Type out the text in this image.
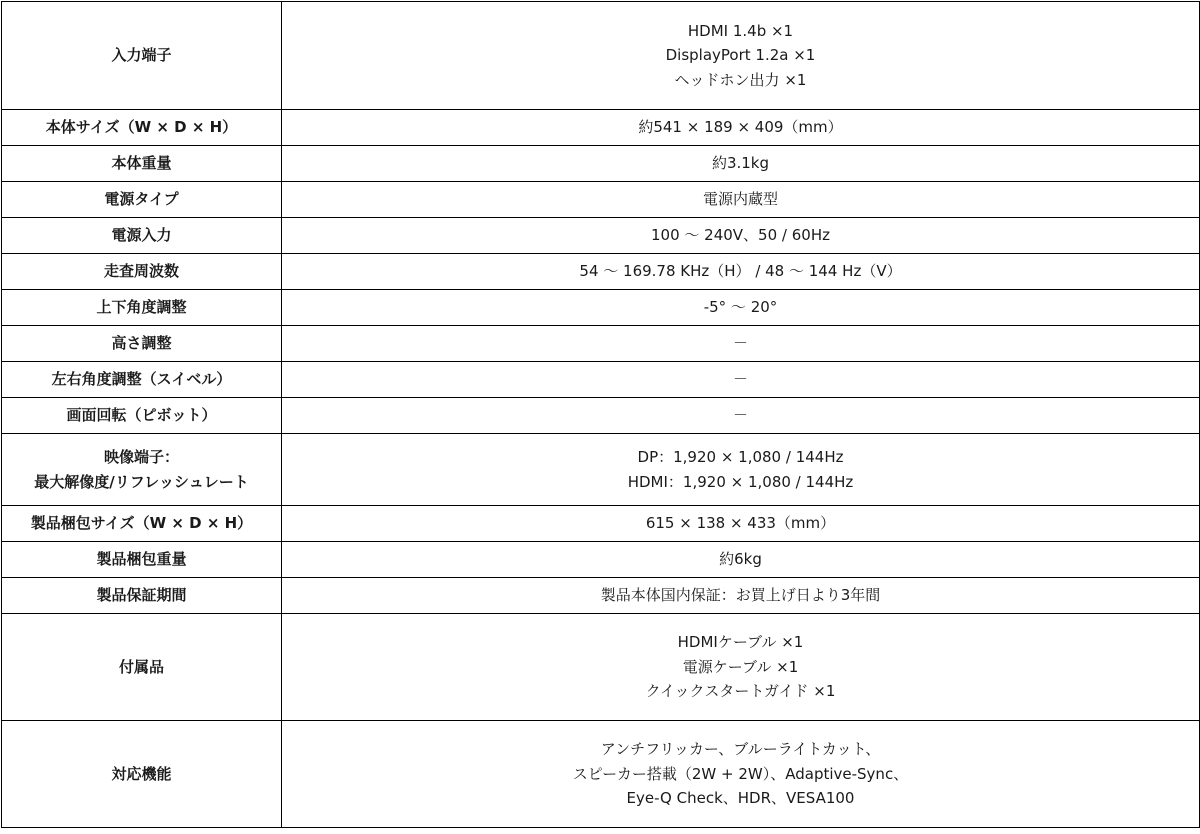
入力端子	HDMI 1.4b ×1
DisplayPort 1.2a ×1
ヘッドホン出力 ×1

本体サイズ（W × D × H）	約541 × 189 × 409（mm）

本体重量	約3.1kg

電源タイプ	電源内蔵型

電源入力	100 ～ 240V、50 / 60Hz

走査周波数	54 ～ 169.78 KHz（H） / 48 ～ 144 Hz（V）

上下角度調整	-5° ～ 20°

高さ調整	－

左右角度調整（スイベル）	－

画面回転（ピボット）	－

映像端子：
最大解像度/リフレッシュレート	DP：1,920 × 1,080 / 144Hz
HDMI：1,920 × 1,080 / 144Hz

製品梱包サイズ（W × D × H）	615 × 138 × 433（mm）

製品梱包重量	約6kg

製品保証期間	製品本体国内保証：お買上げ日より3年間

付属品	HDMIケーブル ×1
電源ケーブル ×1
クイックスタートガイド ×1

対応機能	アンチフリッカー、ブルーライトカット、
スピーカー搭載（2W + 2W）、Adaptive-Sync、
Eye-Q Check、HDR、VESA100
